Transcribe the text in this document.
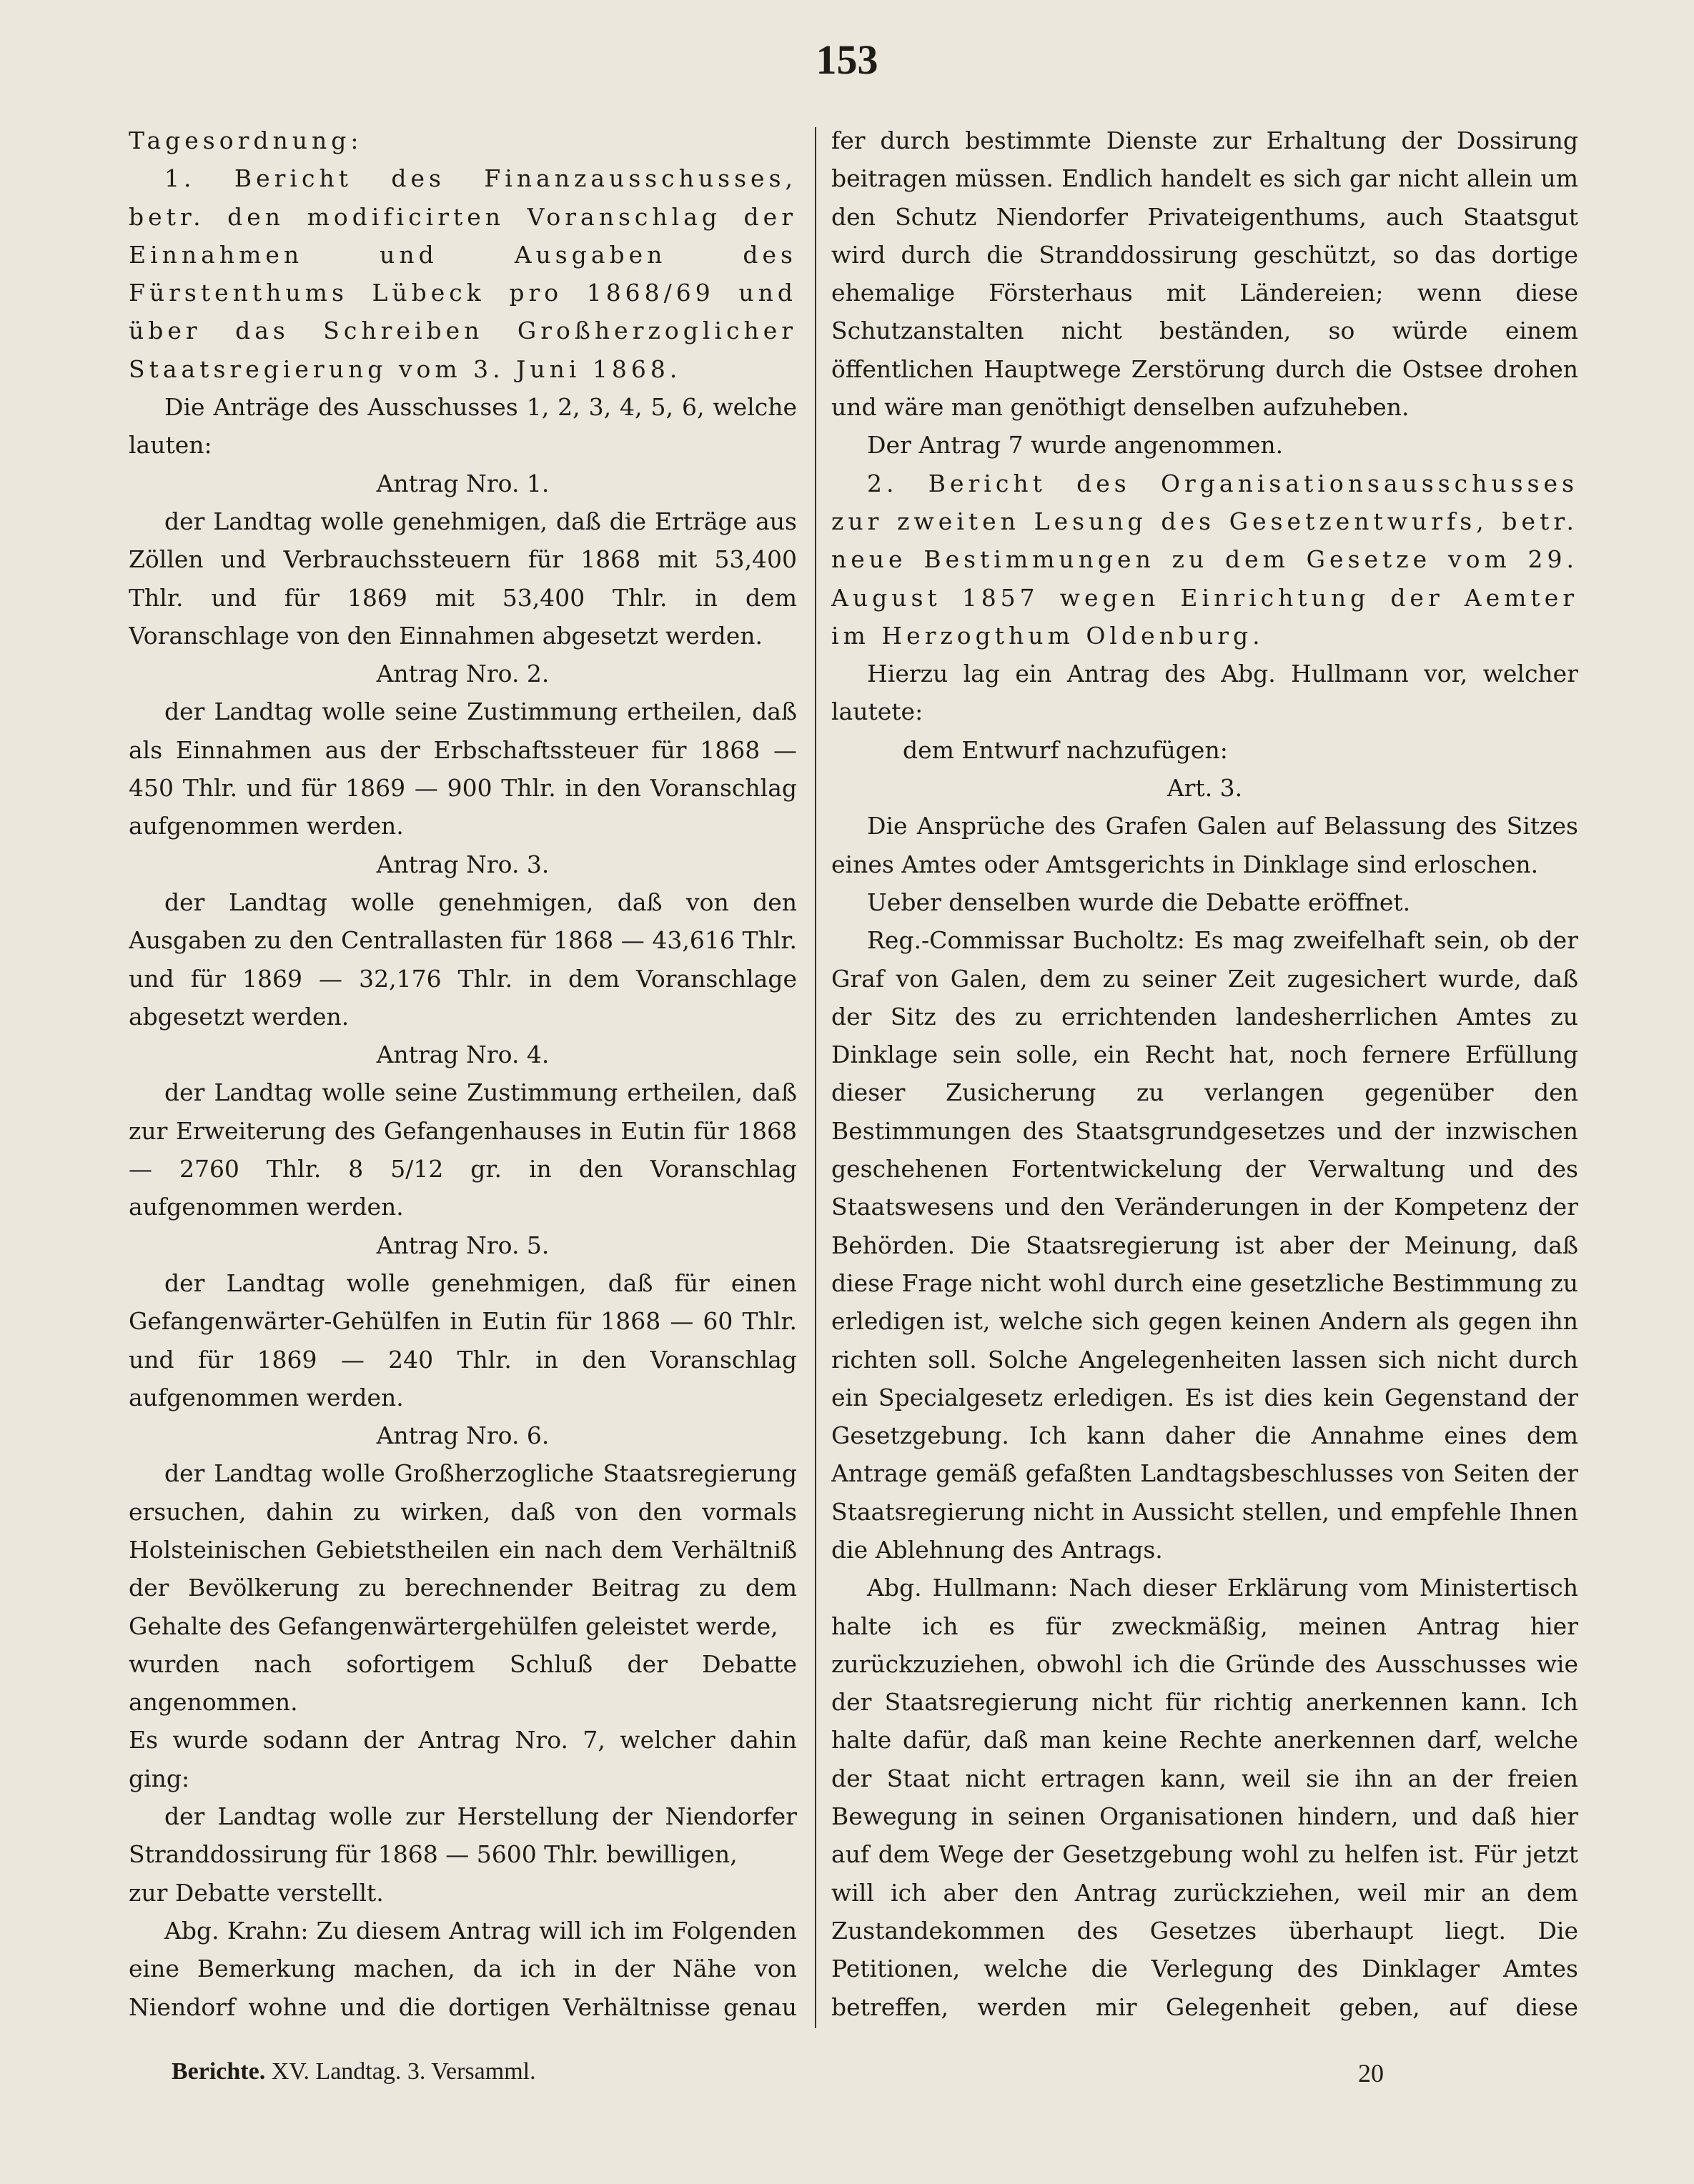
153

Tagesordnung:

1. Bericht des Finanzausschusses, betr. den modificirten Voranschlag der Einnahmen und Ausgaben des Fürstenthums Lübeck pro 1868/69 und über das Schreiben Großherzoglicher Staatsregierung vom 3. Juni 1868.

Die Anträge des Ausschusses 1, 2, 3, 4, 5, 6, welche lauten:

Antrag Nro. 1.

der Landtag wolle genehmigen, daß die Erträge aus Zöllen und Verbrauchssteuern für 1868 mit 53,400 Thlr. und für 1869 mit 53,400 Thlr. in dem Voranschlage von den Einnahmen abgesetzt werden.

Antrag Nro. 2.

der Landtag wolle seine Zustimmung ertheilen, daß als Einnahmen aus der Erbschaftssteuer für 1868 — 450 Thlr. und für 1869 — 900 Thlr. in den Voranschlag aufgenommen werden.

Antrag Nro. 3.

der Landtag wolle genehmigen, daß von den Ausgaben zu den Centrallasten für 1868 — 43,616 Thlr. und für 1869 — 32,176 Thlr. in dem Voranschlage abgesetzt werden.

Antrag Nro. 4.

der Landtag wolle seine Zustimmung ertheilen, daß zur Erweiterung des Gefangenhauses in Eutin für 1868 — 2760 Thlr. 8 5/12 gr. in den Voranschlag aufgenommen werden.

Antrag Nro. 5.

der Landtag wolle genehmigen, daß für einen Gefangenwärter-Gehülfen in Eutin für 1868 — 60 Thlr. und für 1869 — 240 Thlr. in den Voranschlag aufgenommen werden.

Antrag Nro. 6.

der Landtag wolle Großherzogliche Staatsregierung ersuchen, dahin zu wirken, daß von den vormals Holsteinischen Gebietstheilen ein nach dem Verhältniß der Bevölkerung zu berechnender Beitrag zu dem Gehalte des Gefangenwärtergehülfen geleistet werde,

wurden nach sofortigem Schluß der Debatte angenommen.

Es wurde sodann der Antrag Nro. 7, welcher dahin ging:

der Landtag wolle zur Herstellung der Niendorfer Stranddossirung für 1868 — 5600 Thlr. bewilligen,

zur Debatte verstellt.

Abg. Krahn: Zu diesem Antrag will ich im Folgenden eine Bemerkung machen, da ich in der Nähe von Niendorf wohne und die dortigen Verhältnisse genau

fer durch bestimmte Dienste zur Erhaltung der Dossirung beitragen müssen. Endlich handelt es sich gar nicht allein um den Schutz Niendorfer Privateigenthums, auch Staatsgut wird durch die Stranddossirung geschützt, so das dortige ehemalige Försterhaus mit Ländereien; wenn diese Schutzanstalten nicht beständen, so würde einem öffentlichen Hauptwege Zerstörung durch die Ostsee drohen und wäre man genöthigt denselben aufzuheben.

Der Antrag 7 wurde angenommen.

2. Bericht des Organisationsausschusses zur zweiten Lesung des Gesetzentwurfs, betr. neue Bestimmungen zu dem Gesetze vom 29. August 1857 wegen Einrichtung der Aemter im Herzogthum Oldenburg.

Hierzu lag ein Antrag des Abg. Hullmann vor, welcher lautete:

dem Entwurf nachzufügen:

Art. 3.

Die Ansprüche des Grafen Galen auf Belassung des Sitzes eines Amtes oder Amtsgerichts in Dinklage sind erloschen.

Ueber denselben wurde die Debatte eröffnet.

Reg.-Commissar Bucholtz: Es mag zweifelhaft sein, ob der Graf von Galen, dem zu seiner Zeit zugesichert wurde, daß der Sitz des zu errichtenden landesherrlichen Amtes zu Dinklage sein solle, ein Recht hat, noch fernere Erfüllung dieser Zusicherung zu verlangen gegenüber den Bestimmungen des Staatsgrundgesetzes und der inzwischen geschehenen Fortentwickelung der Verwaltung und des Staatswesens und den Veränderungen in der Kompetenz der Behörden. Die Staatsregierung ist aber der Meinung, daß diese Frage nicht wohl durch eine gesetzliche Bestimmung zu erledigen ist, welche sich gegen keinen Andern als gegen ihn richten soll. Solche Angelegenheiten lassen sich nicht durch ein Specialgesetz erledigen. Es ist dies kein Gegenstand der Gesetzgebung. Ich kann daher die Annahme eines dem Antrage gemäß gefaßten Landtagsbeschlusses von Seiten der Staatsregierung nicht in Aussicht stellen, und empfehle Ihnen die Ablehnung des Antrags.

Abg. Hullmann: Nach dieser Erklärung vom Ministertisch halte ich es für zweckmäßig, meinen Antrag hier zurückzuziehen, obwohl ich die Gründe des Ausschusses wie der Staatsregierung nicht für richtig anerkennen kann. Ich halte dafür, daß man keine Rechte anerkennen darf, welche der Staat nicht ertragen kann, weil sie ihn an der freien Bewegung in seinen Organisationen hindern, und daß hier auf dem Wege der Gesetzgebung wohl zu helfen ist. Für jetzt will ich aber den Antrag zurückziehen, weil mir an dem Zustandekommen des Gesetzes überhaupt liegt. Die Petitionen, welche die Verlegung des Dinklager Amtes betreffen, werden mir Gelegenheit geben, auf diese

Berichte. XV. Landtag. 3. Versamml.	20
